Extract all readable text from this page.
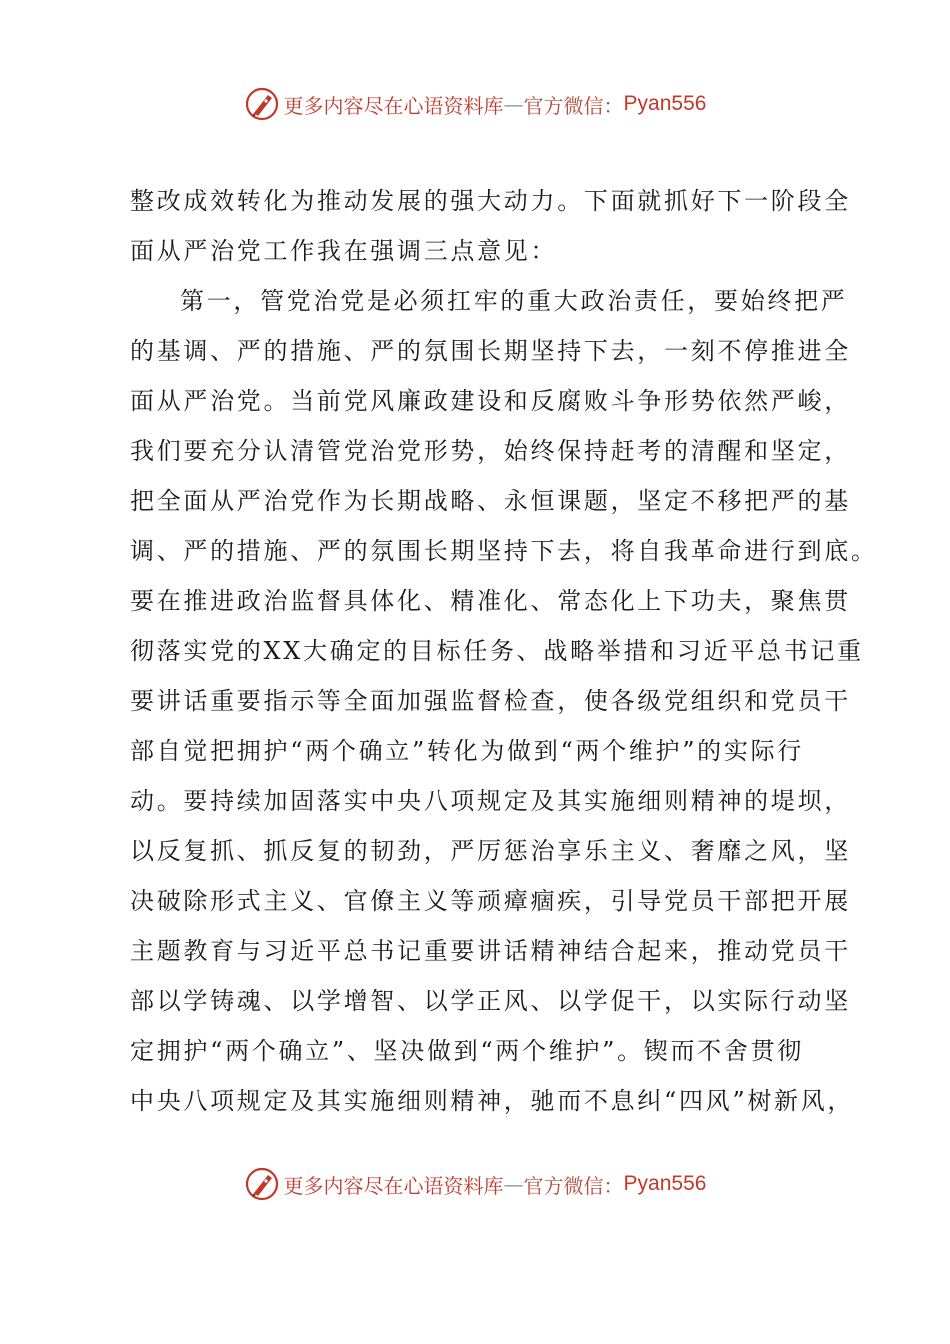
更多内容尽在心语资料库 — 官方微信： Pyan556
整改成效转化为推动发展的强大动力。下面就抓好下一阶段全
面从严治党工作我在强调三点意见：
第一，管党治党是必须扛牢的重大政治责任，要始终把严
的基调、严的措施、严的氛围长期坚持下去，一刻不停推进全
面从严治党。当前党风廉政建设和反腐败斗争形势依然严峻，
我们要充分认清管党治党形势，始终保持赶考的清醒和坚定，
把全面从严治党作为长期战略、永恒课题，坚定不移把严的基
调、严的措施、严的氛围长期坚持下去，将自我革命进行到底。
要在推进政治监督具体化、精准化、常态化上下功夫，聚焦贯
彻落实党的XX大确定的目标任务、战略举措和习近平总书记重
要讲话重要指示等全面加强监督检查，使各级党组织和党员干
部自觉把拥护“两个确立”转化为做到“两个维护”的实际行
动。要持续加固落实中央八项规定及其实施细则精神的堤坝，
以反复抓、抓反复的韧劲，严厉惩治享乐主义、奢靡之风，坚
决破除形式主义、官僚主义等顽瘴痼疾，引导党员干部把开展
主题教育与习近平总书记重要讲话精神结合起来，推动党员干
部以学铸魂、以学增智、以学正风、以学促干，以实际行动坚
定拥护“两个确立”、坚决做到“两个维护”。锲而不舍贯彻
中央八项规定及其实施细则精神，驰而不息纠“四风”树新风，
更多内容尽在心语资料库 — 官方微信： Pyan556
